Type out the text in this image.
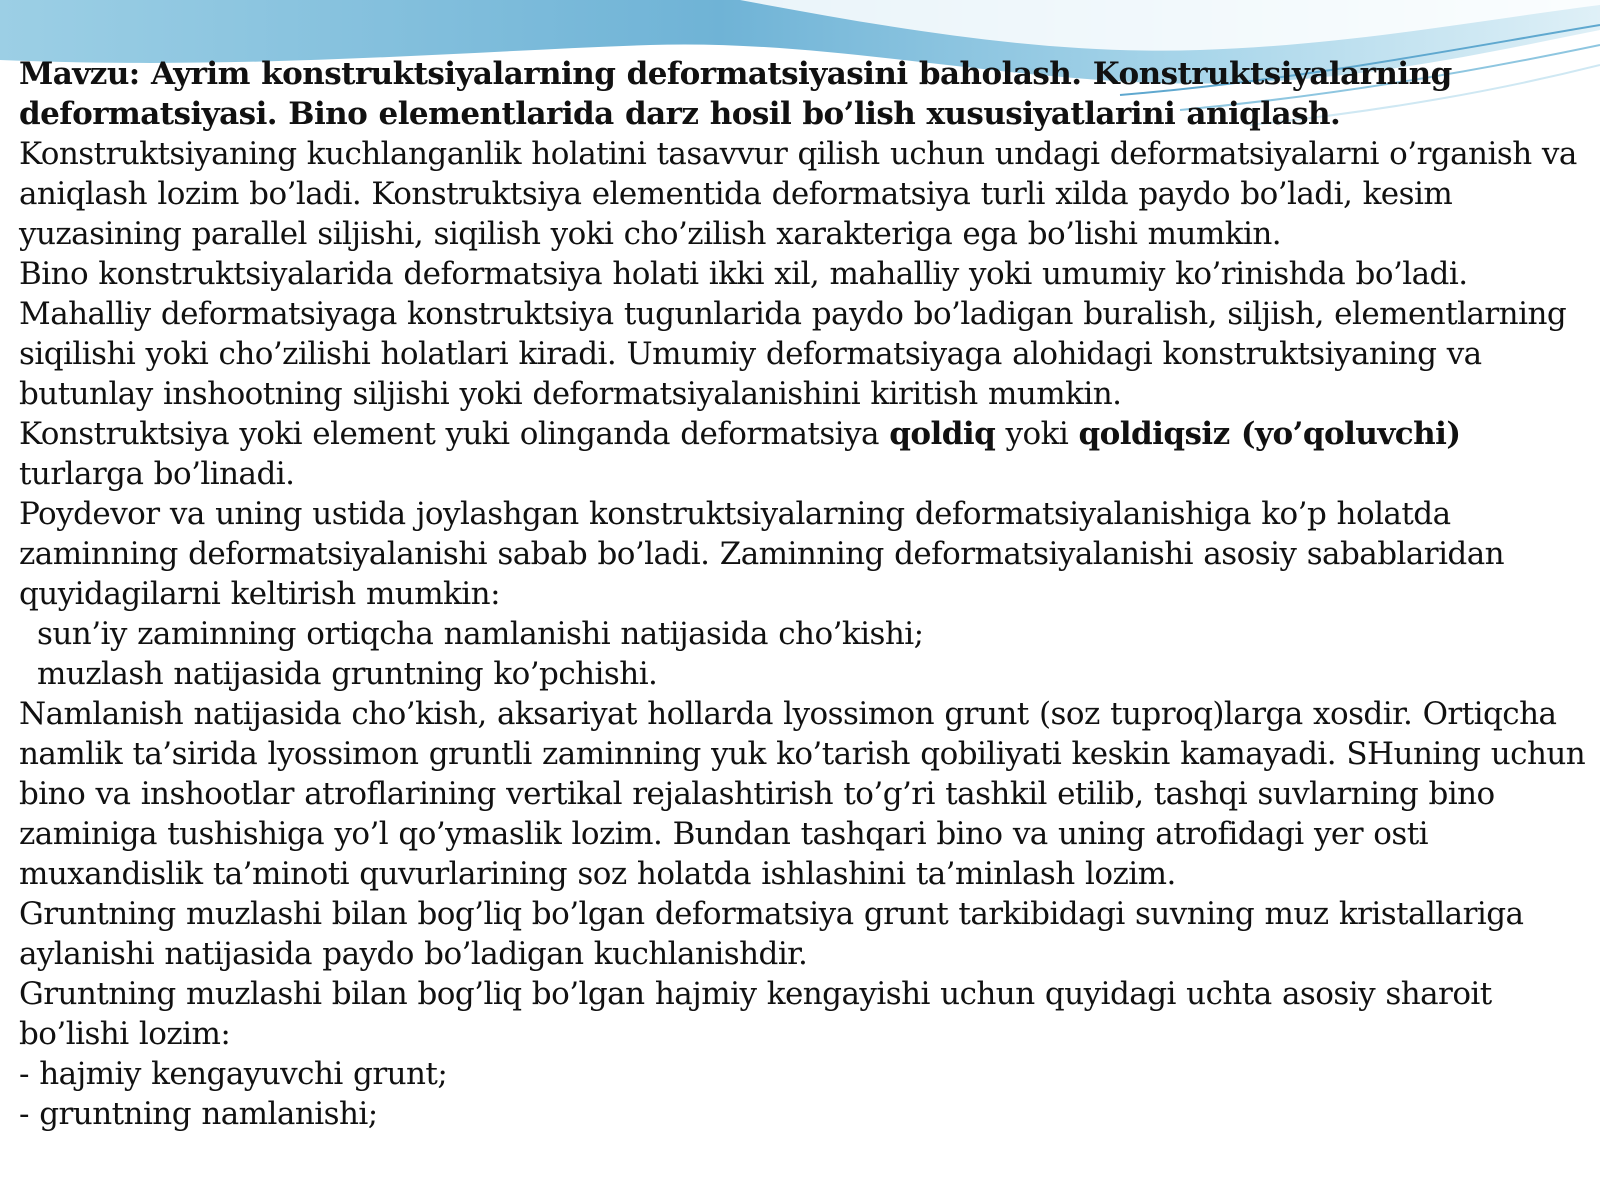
Mavzu: Ayrim konstruktsiyalarning deformatsiyasini baholash. Konstruktsiyalarning deformatsiyasi. Bino elementlarida darz hosil bo’lish xususiyatlarini aniqlash.

Konstruktsiyaning kuchlanganlik holatini tasavvur qilish uchun undagi deformatsiyalarni o’rganish va aniqlash lozim bo’ladi. Konstruktsiya elementida deformatsiya turli xilda paydo bo’ladi, kesim yuzasining parallel siljishi, siqilish yoki cho’zilish xarakteriga ega bo’lishi mumkin.

Bino konstruktsiyalarida deformatsiya holati ikki xil, mahalliy yoki umumiy ko’rinishda bo’ladi. Mahalliy deformatsiyaga konstruktsiya tugunlarida paydo bo’ladigan buralish, siljish, elementlarning siqilishi yoki cho’zilishi holatlari kiradi. Umumiy deformatsiyaga alohidagi konstruktsiyaning va butunlay inshootning siljishi yoki deformatsiyalanishini kiritish mumkin.

Konstruktsiya yoki element yuki olinganda deformatsiya qoldiq yoki qoldiqsiz (yo’qoluvchi) turlarga bo’linadi.

Poydevor va uning ustida joylashgan konstruktsiyalarning deformatsiyalanishiga ko’p holatda zaminning deformatsiyalanishi sabab bo’ladi. Zaminning deformatsiyalanishi asosiy sabablaridan quyidagilarni keltirish mumkin:

sun’iy zaminning ortiqcha namlanishi natijasida cho’kishi;

muzlash natijasida gruntning ko’pchishi.

Namlanish natijasida cho’kish, aksariyat hollarda lyossimon grunt (soz tuproq)larga xosdir. Ortiqcha namlik ta’sirida lyossimon gruntli zaminning yuk ko’tarish qobiliyati keskin kamayadi. SHuning uchun bino va inshootlar atroflarining vertikal rejalashtirish to’g’ri tashkil etilib, tashqi suvlarning bino zaminiga tushishiga yo’l qo’ymaslik lozim. Bundan tashqari bino va uning atrofidagi yer osti muxandislik ta’minoti quvurlarining soz holatda ishlashini ta’minlash lozim.

Gruntning muzlashi bilan bog’liq bo’lgan deformatsiya grunt tarkibidagi suvning muz kristallariga aylanishi natijasida paydo bo’ladigan kuchlanishdir.

Gruntning muzlashi bilan bog’liq bo’lgan hajmiy kengayishi uchun quyidagi uchta asosiy sharoit bo’lishi lozim:

- hajmiy kengayuvchi grunt;

- gruntning namlanishi;
